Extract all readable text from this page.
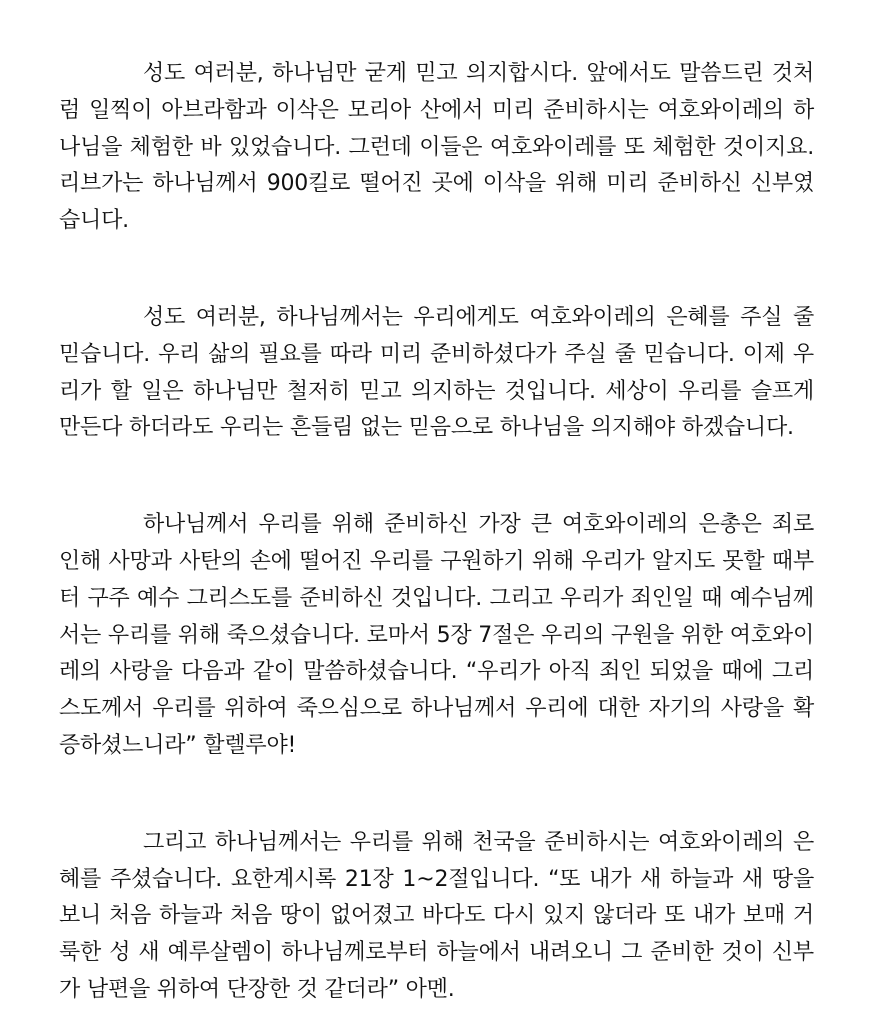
성도 여러분, 하나님만 굳게 믿고 의지합시다. 앞에서도 말씀드린 것처럼 일찍이 아브라함과 이삭은 모리아 산에서 미리 준비하시는 여호와이레의 하나님을 체험한 바 있었습니다. 그런데 이들은 여호와이레를 또 체험한 것이지요. 리브가는 하나님께서 900킬로 떨어진 곳에 이삭을 위해 미리 준비하신 신부였습니다.

성도 여러분, 하나님께서는 우리에게도 여호와이레의 은혜를 주실 줄 믿습니다. 우리 삶의 필요를 따라 미리 준비하셨다가 주실 줄 믿습니다. 이제 우리가 할 일은 하나님만 철저히 믿고 의지하는 것입니다. 세상이 우리를 슬프게 만든다 하더라도 우리는 흔들림 없는 믿음으로 하나님을 의지해야 하겠습니다.

하나님께서 우리를 위해 준비하신 가장 큰 여호와이레의 은총은 죄로 인해 사망과 사탄의 손에 떨어진 우리를 구원하기 위해 우리가 알지도 못할 때부터 구주 예수 그리스도를 준비하신 것입니다. 그리고 우리가 죄인일 때 예수님께서는 우리를 위해 죽으셨습니다. 로마서 5장 7절은 우리의 구원을 위한 여호와이레의 사랑을 다음과 같이 말씀하셨습니다. “우리가 아직 죄인 되었을 때에 그리스도께서 우리를 위하여 죽으심으로 하나님께서 우리에 대한 자기의 사랑을 확증하셨느니라” 할렐루야!

그리고 하나님께서는 우리를 위해 천국을 준비하시는 여호와이레의 은혜를 주셨습니다. 요한계시록 21장 1~2절입니다. “또 내가 새 하늘과 새 땅을 보니 처음 하늘과 처음 땅이 없어졌고 바다도 다시 있지 않더라 또 내가 보매 거룩한 성 새 예루살렘이 하나님께로부터 하늘에서 내려오니 그 준비한 것이 신부가 남편을 위하여 단장한 것 같더라” 아멘.
